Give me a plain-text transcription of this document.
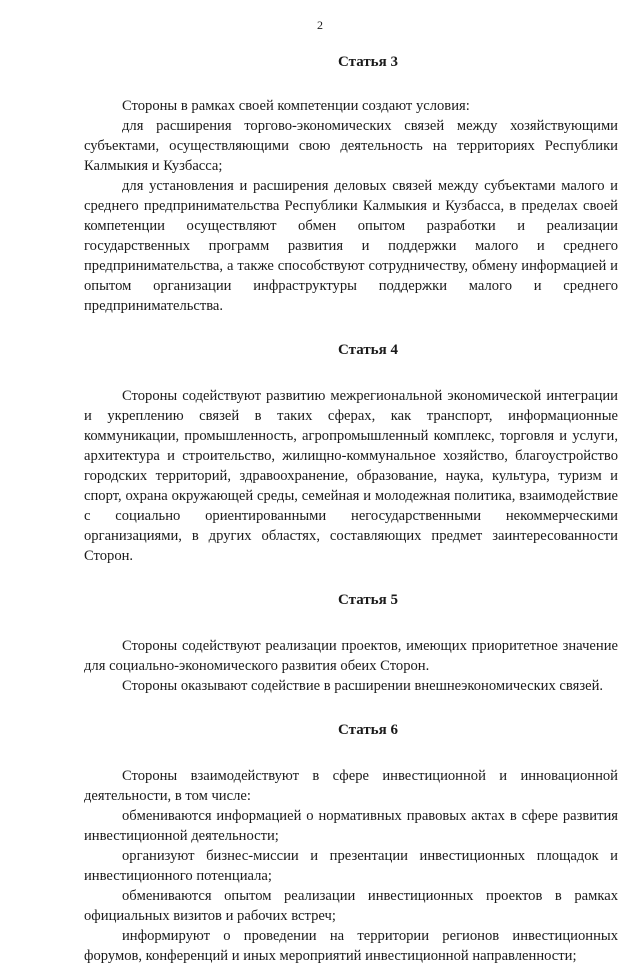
2
Статья 3

Стороны в рамках своей компетенции создают условия:

для расширения торгово-экономических связей между хозяйствующими субъектами, осуществляющими свою деятельность на территориях Республики Калмыкия и Кузбасса;

для установления и расширения деловых связей между субъектами малого и среднего предпринимательства Республики Калмыкия и Кузбасса, в пределах своей компетенции осуществляют обмен опытом разработки и реализации государственных программ развития и поддержки малого и среднего предпринимательства, а также способствуют сотрудничеству, обмену информацией и опытом организации инфраструктуры поддержки малого и среднего предпринимательства.

Статья 4

Стороны содействуют развитию межрегиональной экономической интеграции и укреплению связей в таких сферах, как транспорт, информационные коммуникации, промышленность, агропромышленный комплекс, торговля и услуги, архитектура и строительство, жилищно-коммунальное хозяйство, благоустройство городских территорий, здравоохранение, образование, наука, культура, туризм и спорт, охрана окружающей среды, семейная и молодежная политика, взаимодействие с социально ориентированными негосударственными некоммерческими организациями, в других областях, составляющих предмет заинтересованности Сторон.

Статья 5

Стороны содействуют реализации проектов, имеющих приоритетное значение для социально-экономического развития обеих Сторон.

Стороны оказывают содействие в расширении внешнеэкономических связей.

Статья 6

Стороны взаимодействуют в сфере инвестиционной и инновационной деятельности, в том числе:

обмениваются информацией о нормативных правовых актах в сфере развития инвестиционной деятельности;

организуют бизнес-миссии и презентации инвестиционных площадок и инвестиционного потенциала;

обмениваются опытом реализации инвестиционных проектов в рамках официальных визитов и рабочих встреч;

информируют о проведении на территории регионов инвестиционных форумов, конференций и иных мероприятий инвестиционной направленности;
